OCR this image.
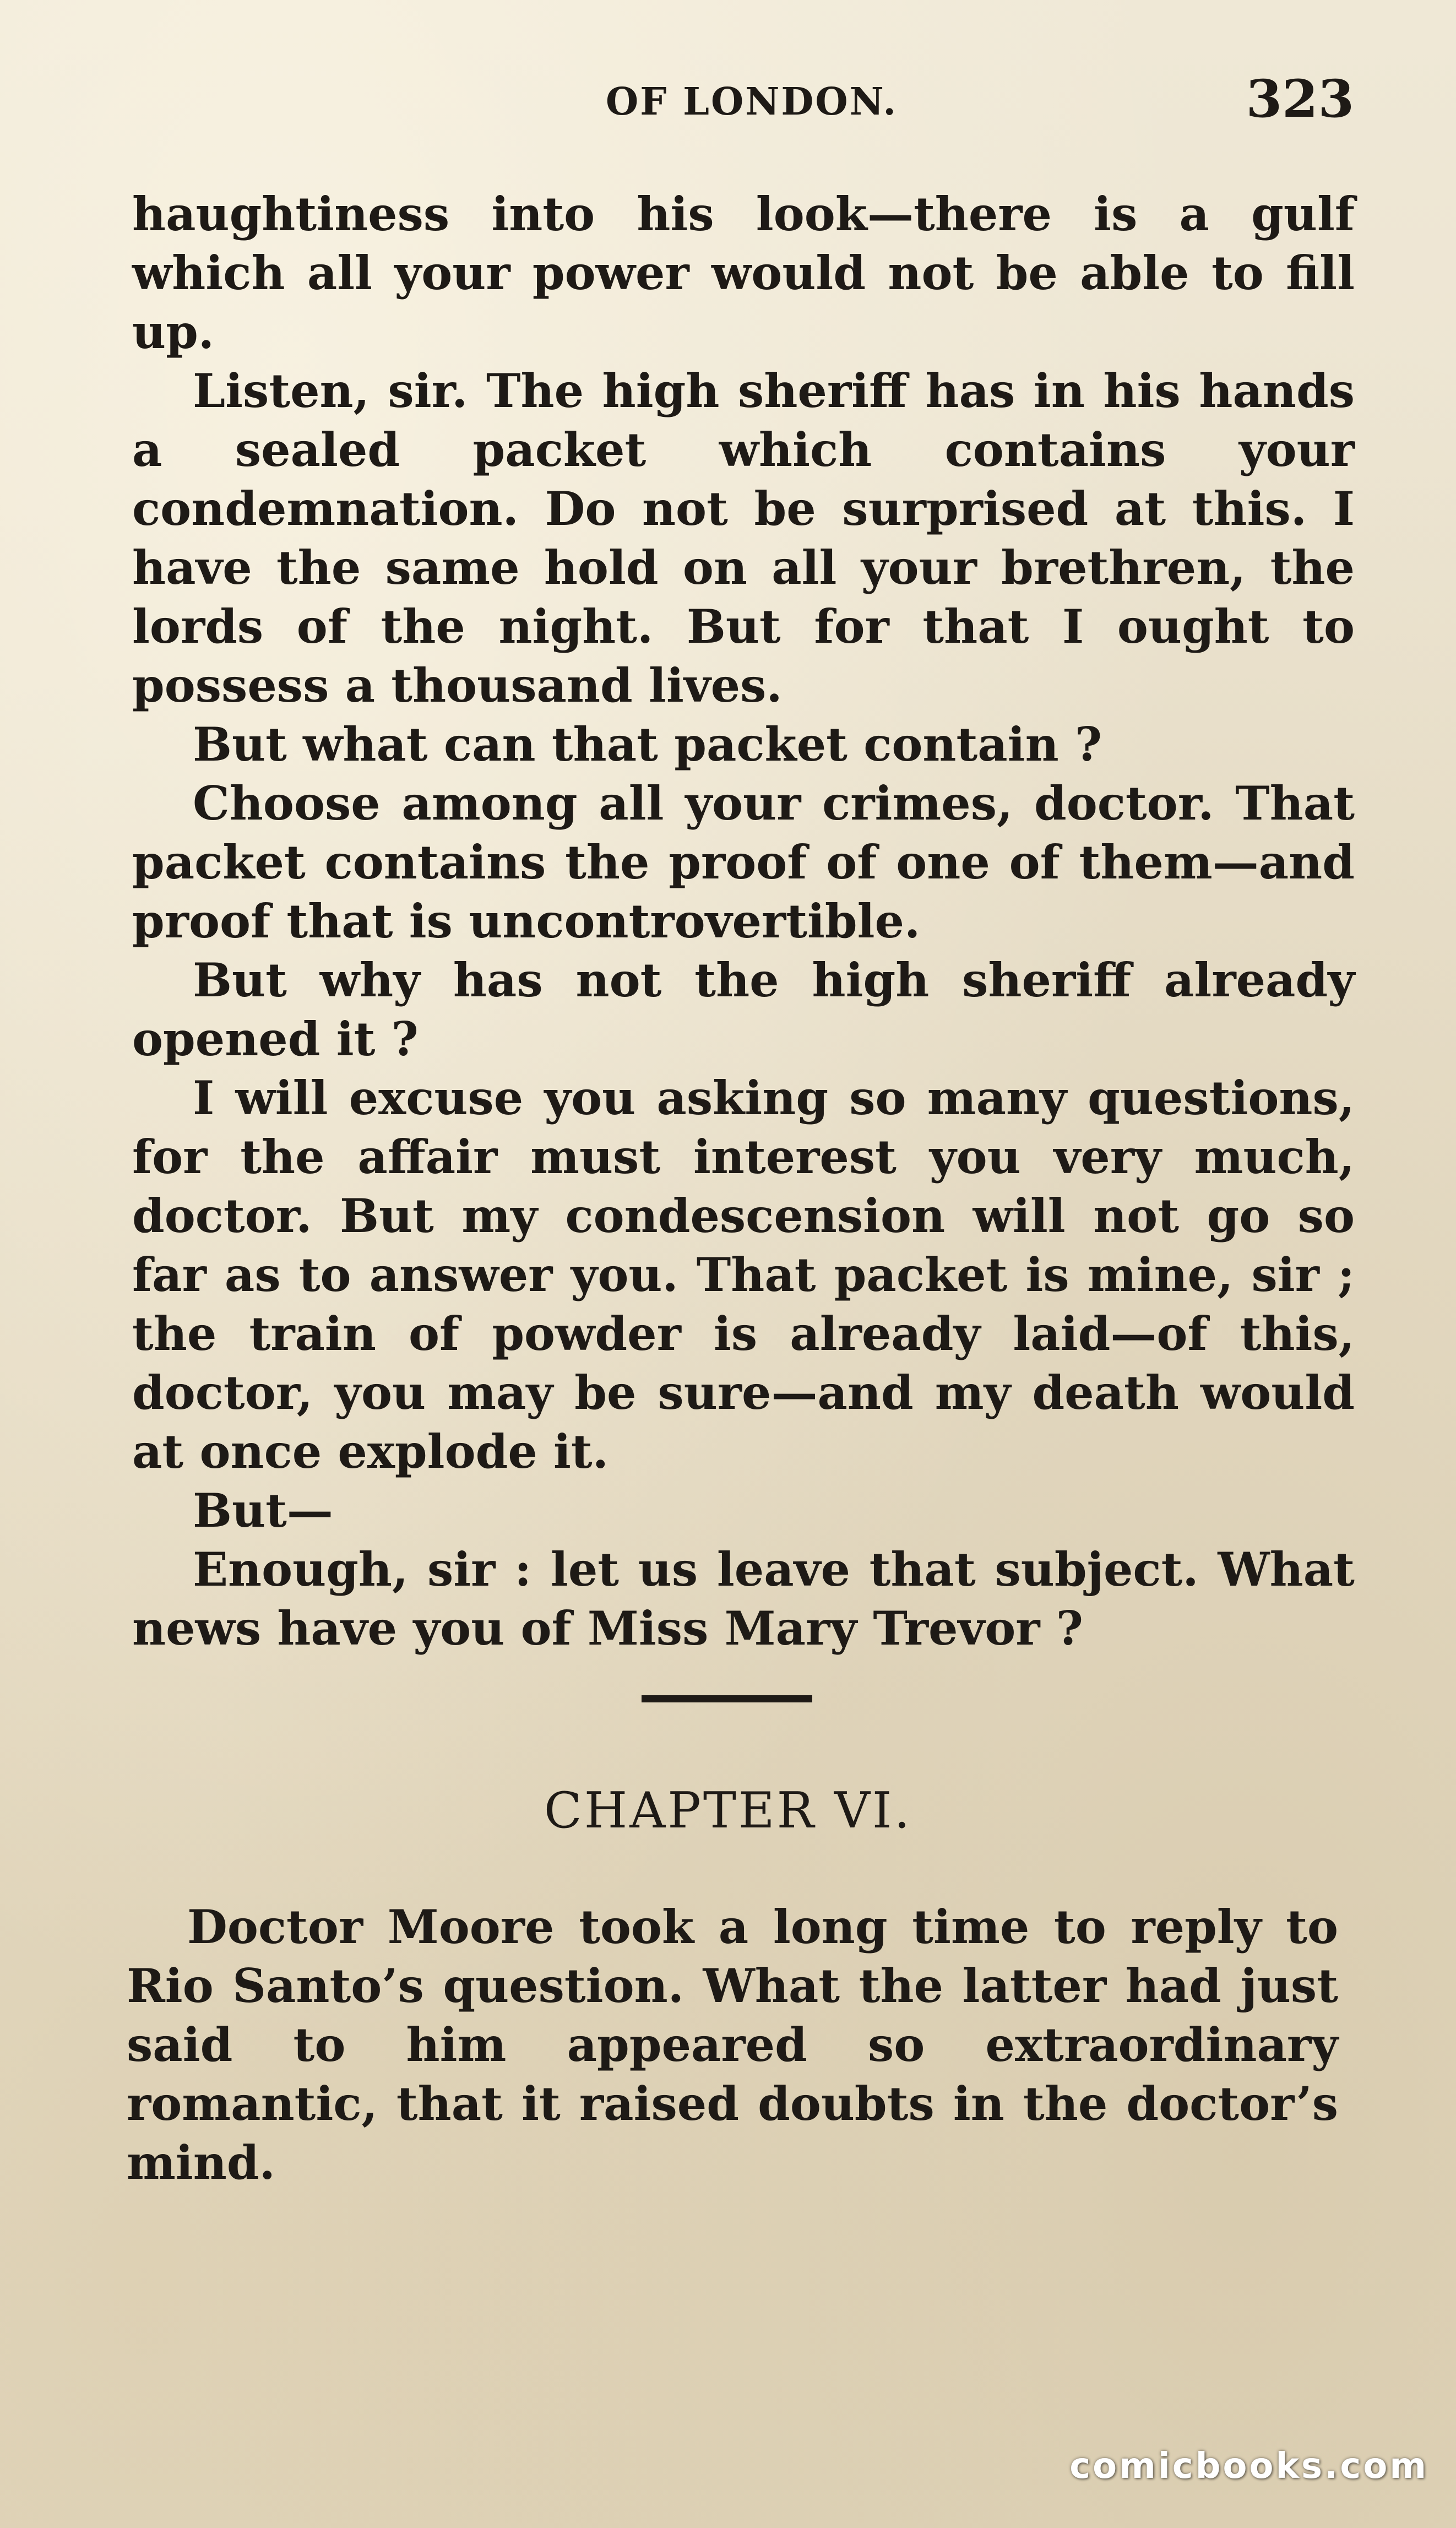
OF LONDON.	323

haughtiness into his look—there is a gulf which all your power would not be able to fill up.

Listen, sir. The high sheriff has in his hands a sealed packet which contains your condemnation. Do not be surprised at this. I have the same hold on all your brethren, the lords of the night. But for that I ought to possess a thousand lives.

But what can that packet contain ?

Choose among all your crimes, doctor. That packet contains the proof of one of them—and proof that is uncontrovertible.

But why has not the high sheriff already opened it ?

I will excuse you asking so many questions, for the affair must interest you very much, doctor. But my condescension will not go so far as to answer you. That packet is mine, sir ; the train of powder is already laid—of this, doctor, you may be sure—and my death would at once explode it.

But—

Enough, sir : let us leave that subject. What news have you of Miss Mary Trevor ?

CHAPTER VI.

Doctor Moore took a long time to reply to Rio Santo’s question. What the latter had just said to him appeared so extraordinary romantic, that it raised doubts in the doctor’s mind.

comicbooks.com
